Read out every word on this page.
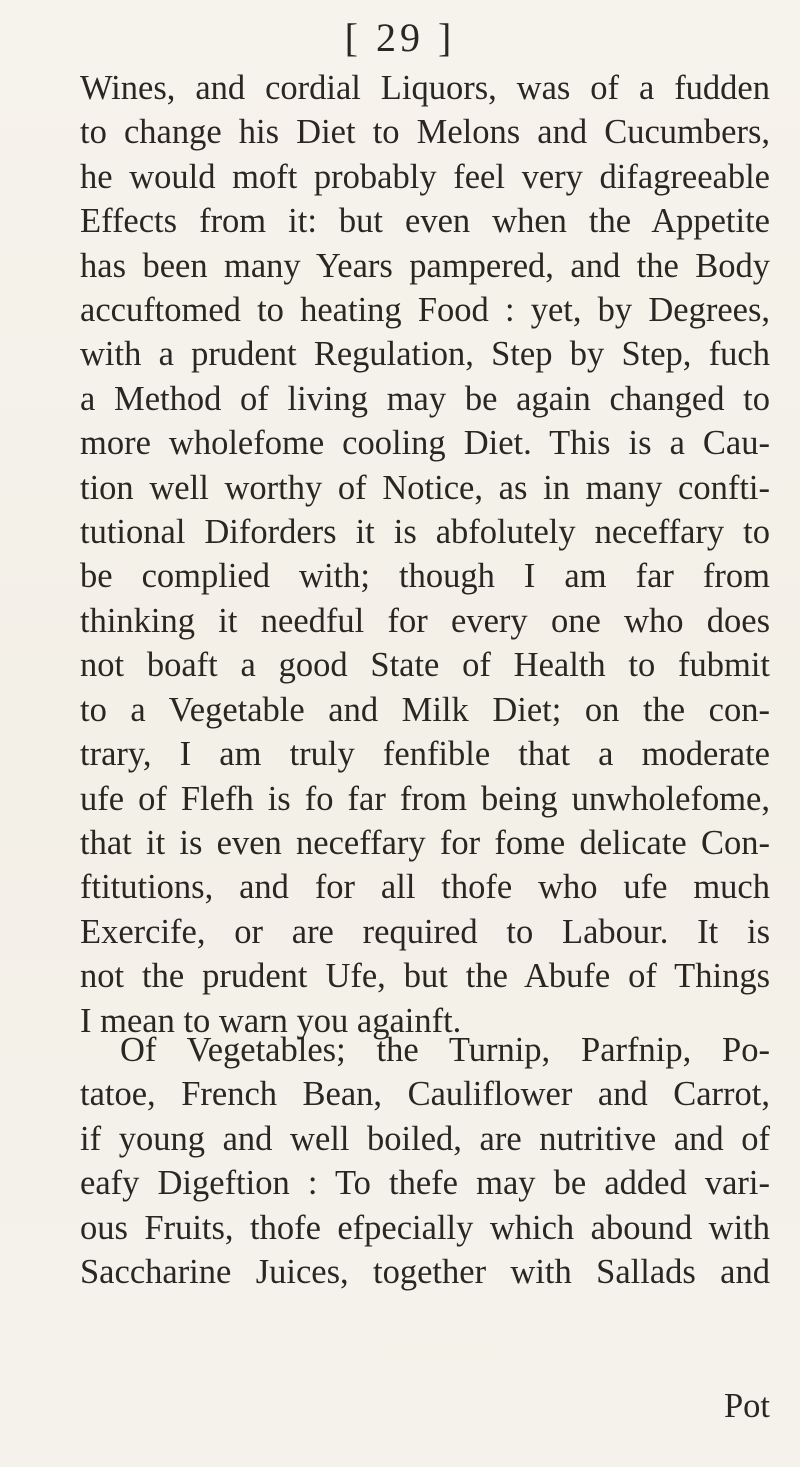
[ 29 ]
Wines, and cordial Liquors, was of a fudden
to change his Diet to Melons and Cucumbers,
he would moft probably feel very difagreeable
Effects from it: but even when the Appetite
has been many Years pampered, and the Body
accuftomed to heating Food : yet, by Degrees,
with a prudent Regulation, Step by Step, fuch
a Method of living may be again changed to
more wholefome cooling Diet. This is a Cau-
tion well worthy of Notice, as in many confti-
tutional Diforders it is abfolutely neceffary to
be complied with; though I am far from
thinking it needful for every one who does
not boaft a good State of Health to fubmit
to a Vegetable and Milk Diet; on the con-
trary, I am truly fenfible that a moderate
ufe of Flefh is fo far from being unwholefome,
that it is even neceffary for fome delicate Con-
ftitutions, and for all thofe who ufe much
Exercife, or are required to Labour. It is
not the prudent Ufe, but the Abufe of Things
I mean to warn you againft.
Of Vegetables; the Turnip, Parfnip, Po-
tatoe, French Bean, Cauliflower and Carrot,
if young and well boiled, are nutritive and of
eafy Digeftion : To thefe may be added vari-
ous Fruits, thofe efpecially which abound with
Saccharine Juices, together with Sallads and
Pot
